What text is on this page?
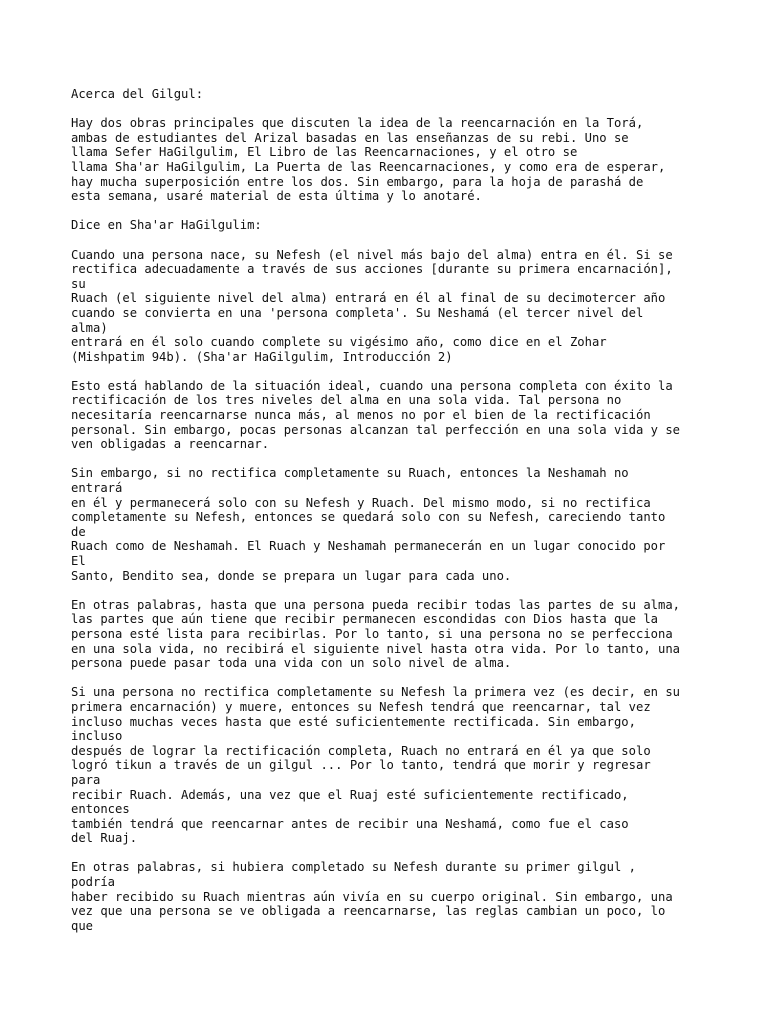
Acerca del Gilgul:

Hay dos obras principales que discuten la idea de la reencarnación en la Torá,
ambas de estudiantes del Arizal basadas en las enseñanzas de su rebi. Uno se
llama Sefer HaGilgulim, El Libro de las Reencarnaciones, y el otro se
llama Sha'ar HaGilgulim, La Puerta de las Reencarnaciones, y como era de esperar,
hay mucha superposición entre los dos. Sin embargo, para la hoja de parashá de
esta semana, usaré material de esta última y lo anotaré.

Dice en Sha'ar HaGilgulim:

Cuando una persona nace, su Nefesh (el nivel más bajo del alma) entra en él. Si se
rectifica adecuadamente a través de sus acciones [durante su primera encarnación],
su
Ruach (el siguiente nivel del alma) entrará en él al final de su decimotercer año
cuando se convierta en una 'persona completa'. Su Neshamá (el tercer nivel del
alma)
entrará en él solo cuando complete su vigésimo año, como dice en el Zohar
(Mishpatim 94b). (Sha'ar HaGilgulim, Introducción 2)

Esto está hablando de la situación ideal, cuando una persona completa con éxito la
rectificación de los tres niveles del alma en una sola vida. Tal persona no
necesitaría reencarnarse nunca más, al menos no por el bien de la rectificación
personal. Sin embargo, pocas personas alcanzan tal perfección en una sola vida y se
ven obligadas a reencarnar.

Sin embargo, si no rectifica completamente su Ruach, entonces la Neshamah no
entrará
en él y permanecerá solo con su Nefesh y Ruach. Del mismo modo, si no rectifica
completamente su Nefesh, entonces se quedará solo con su Nefesh, careciendo tanto
de
Ruach como de Neshamah. El Ruach y Neshamah permanecerán en un lugar conocido por
El
Santo, Bendito sea, donde se prepara un lugar para cada uno.

En otras palabras, hasta que una persona pueda recibir todas las partes de su alma,
las partes que aún tiene que recibir permanecen escondidas con Dios hasta que la
persona esté lista para recibirlas. Por lo tanto, si una persona no se perfecciona
en una sola vida, no recibirá el siguiente nivel hasta otra vida. Por lo tanto, una
persona puede pasar toda una vida con un solo nivel de alma.

Si una persona no rectifica completamente su Nefesh la primera vez (es decir, en su
primera encarnación) y muere, entonces su Nefesh tendrá que reencarnar, tal vez
incluso muchas veces hasta que esté suficientemente rectificada. Sin embargo,
incluso
después de lograr la rectificación completa, Ruach no entrará en él ya que solo
logró tikun a través de un gilgul ... Por lo tanto, tendrá que morir y regresar
para
recibir Ruach. Además, una vez que el Ruaj esté suficientemente rectificado,
entonces
también tendrá que reencarnar antes de recibir una Neshamá, como fue el caso
del Ruaj.

En otras palabras, si hubiera completado su Nefesh durante su primer gilgul ,
podría
haber recibido su Ruach mientras aún vivía en su cuerpo original. Sin embargo, una
vez que una persona se ve obligada a reencarnarse, las reglas cambian un poco, lo
que
